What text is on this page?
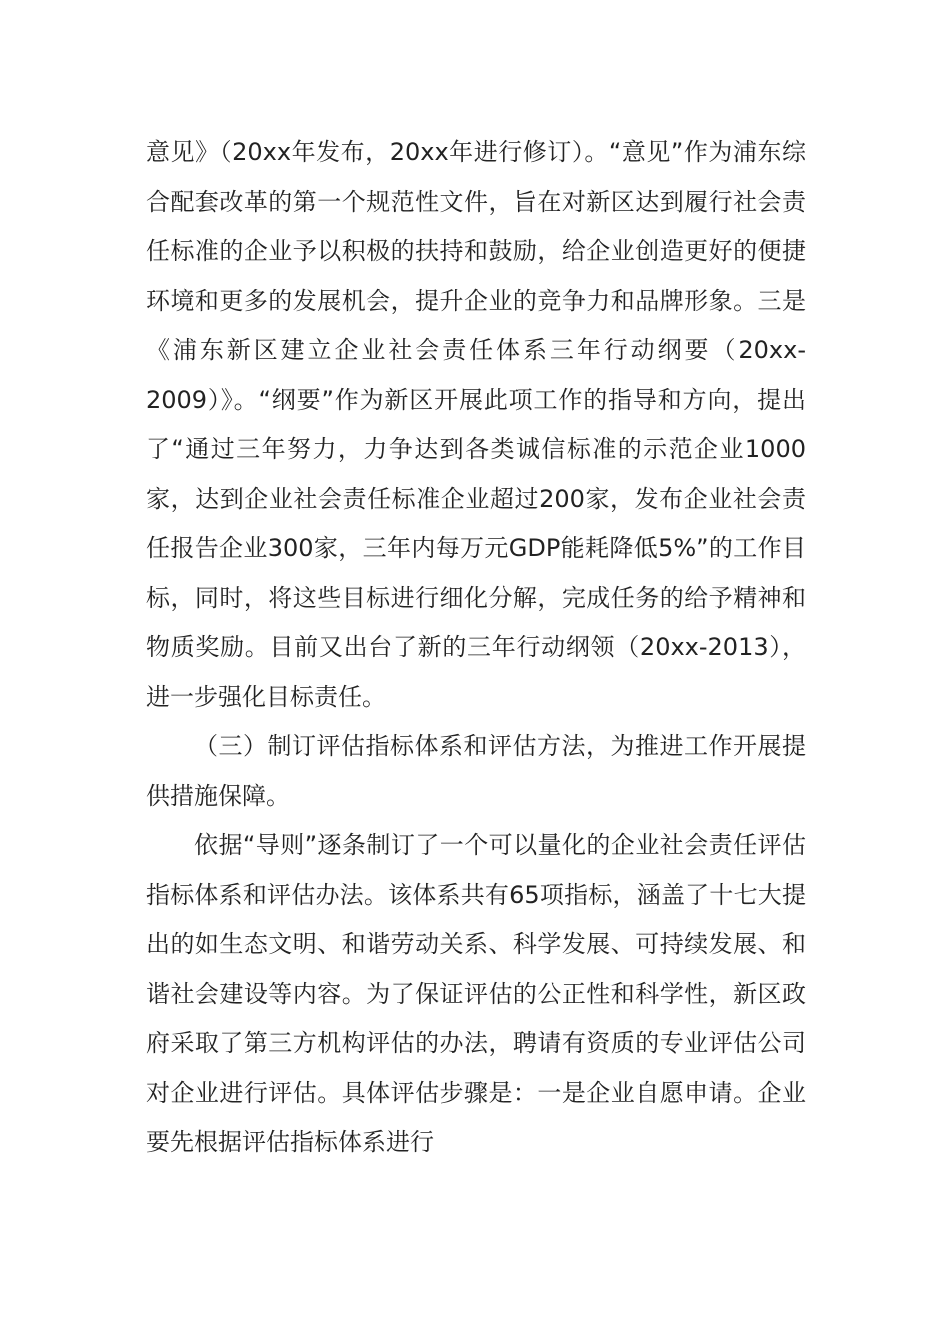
意见》（20xx年发布，20xx年进行修订）。“意见”作为浦东综合配套改革的第一个规范性文件，旨在对新区达到履行社会责任标准的企业予以积极的扶持和鼓励，给企业创造更好的便捷环境和更多的发展机会，提升企业的竞争力和品牌形象。三是《浦东新区建立企业社会责任体系三年行动纲要（20xx-2009）》。“纲要”作为新区开展此项工作的指导和方向，提出了“通过三年努力，力争达到各类诚信标准的示范企业1000家，达到企业社会责任标准企业超过200家，发布企业社会责任报告企业300家，三年内每万元GDP能耗降低5%”的工作目标，同时，将这些目标进行细化分解，完成任务的给予精神和物质奖励。目前又出台了新的三年行动纲领（20xx-2013），进一步强化目标责任。

（三）制订评估指标体系和评估方法，为推进工作开展提供措施保障。

依据“导则”逐条制订了一个可以量化的企业社会责任评估指标体系和评估办法。该体系共有65项指标，涵盖了十七大提出的如生态文明、和谐劳动关系、科学发展、可持续发展、和谐社会建设等内容。为了保证评估的公正性和科学性，新区政府采取了第三方机构评估的办法，聘请有资质的专业评估公司对企业进行评估。具体评估步骤是：一是企业自愿申请。企业要先根据评估指标体系进行
